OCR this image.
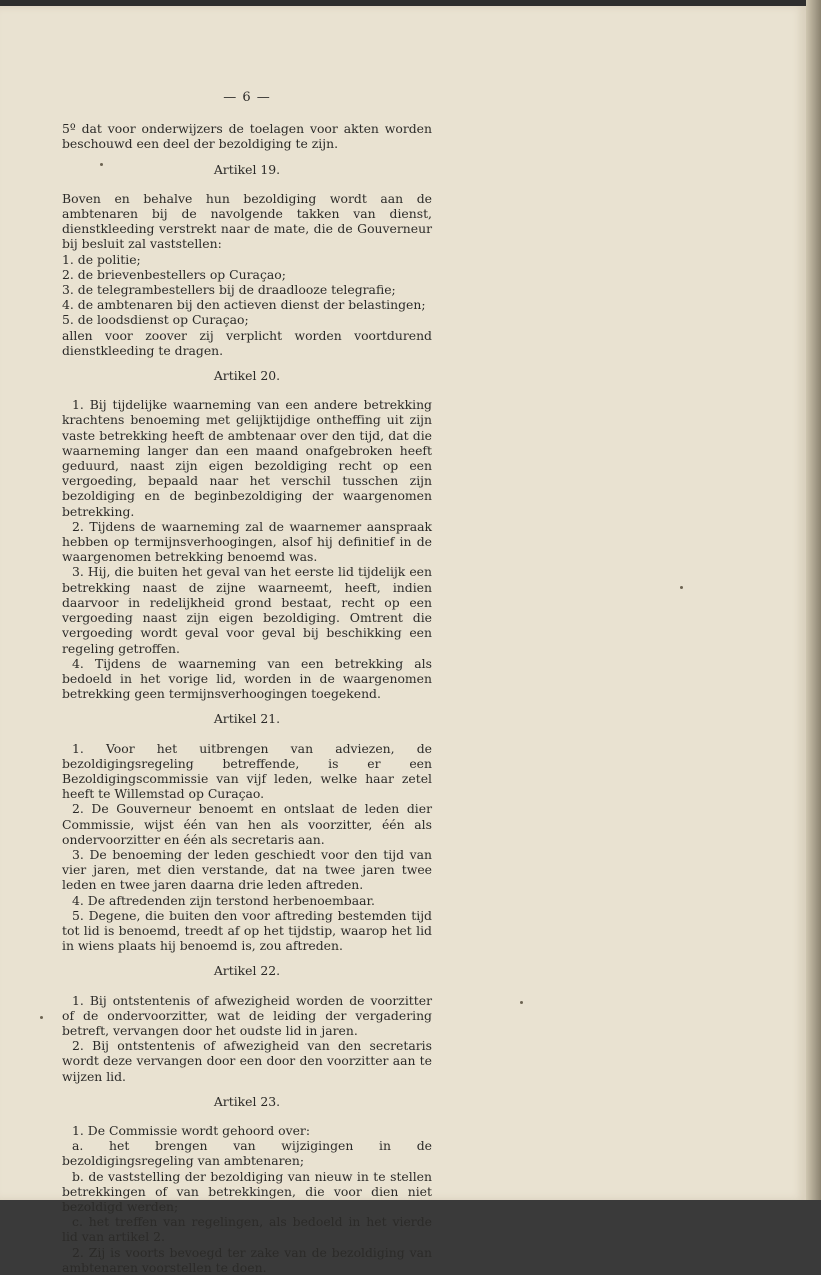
— 6 —

5º dat voor onderwijzers de toelagen voor akten worden beschouwd een deel der bezoldiging te zijn.

Artikel 19.

Boven en behalve hun bezoldiging wordt aan de ambtenaren bij de navolgende takken van dienst, dienstkleeding verstrekt naar de mate, die de Gouverneur bij besluit zal vaststellen:

1. de politie;

2. de brievenbestellers op Curaçao;

3. de telegrambestellers bij de draadlooze telegrafie;

4. de ambtenaren bij den actieven dienst der belastingen;

5. de loodsdienst op Curaçao;

allen voor zoover zij verplicht worden voortdurend dienstkleeding te dragen.

Artikel 20.

1. Bij tijdelijke waarneming van een andere betrekking krachtens benoeming met gelijktijdige ontheffing uit zijn vaste betrekking heeft de ambtenaar over den tijd, dat die waarneming langer dan een maand onafgebroken heeft geduurd, naast zijn eigen bezoldiging recht op een vergoeding, bepaald naar het verschil tusschen zijn bezoldiging en de beginbezoldiging der waargenomen betrekking.

2. Tijdens de waarneming zal de waarnemer aanspraak hebben op termijnsverhoogingen, alsof hij definitief in de waargenomen betrekking benoemd was.

3. Hij, die buiten het geval van het eerste lid tijdelijk een betrekking naast de zijne waarneemt, heeft, indien daarvoor in redelijkheid grond bestaat, recht op een vergoeding naast zijn eigen bezoldiging. Omtrent die vergoeding wordt geval voor geval bij beschikking een regeling getroffen.

4. Tijdens de waarneming van een betrekking als bedoeld in het vorige lid, worden in de waargenomen betrekking geen termijnsverhoogingen toegekend.

Artikel 21.

1. Voor het uitbrengen van adviezen, de bezoldigingsregeling betreffende, is er een Bezoldigingscommissie van vijf leden, welke haar zetel heeft te Willemstad op Curaçao.

2. De Gouverneur benoemt en ontslaat de leden dier Commissie, wijst één van hen als voorzitter, één als ondervoorzitter en één als secretaris aan.

3. De benoeming der leden geschiedt voor den tijd van vier jaren, met dien verstande, dat na twee jaren twee leden en twee jaren daarna drie leden aftreden.

4. De aftredenden zijn terstond herbenoembaar.

5. Degene, die buiten den voor aftreding bestemden tijd tot lid is benoemd, treedt af op het tijdstip, waarop het lid in wiens plaats hij benoemd is, zou aftreden.

Artikel 22.

1. Bij ontstentenis of afwezigheid worden de voorzitter of de ondervoorzitter, wat de leiding der vergadering betreft, vervangen door het oudste lid in jaren.

2. Bij ontstentenis of afwezigheid van den secretaris wordt deze vervangen door een door den voorzitter aan te wijzen lid.

Artikel 23.

1. De Commissie wordt gehoord over:

a. het brengen van wijzigingen in de bezoldigingsregeling van ambtenaren;

b. de vaststelling der bezoldiging van nieuw in te stellen betrekkingen of van betrekkingen, die voor dien niet bezoldigd werden;

c. het treffen van regelingen, als bedoeld in het vierde lid van artikel 2.

2. Zij is voorts bevoegd ter zake van de bezoldiging van ambtenaren voorstellen te doen.
